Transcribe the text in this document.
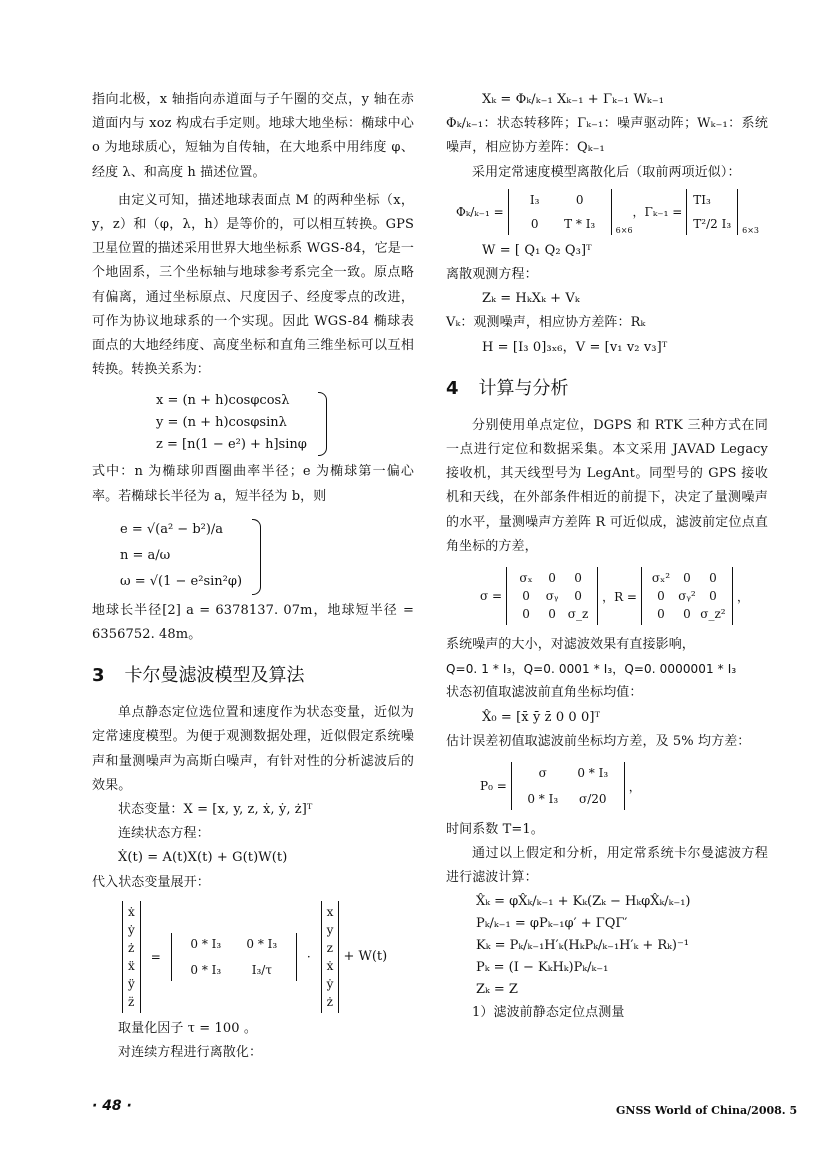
指向北极，x 轴指向赤道面与子午圈的交点，y 轴在赤道面内与 xoz 构成右手定则。地球大地坐标：椭球中心 o 为地球质心，短轴为自传轴，在大地系中用纬度 φ、经度 λ、和高度 h 描述位置。

由定义可知，描述地球表面点 M 的两种坐标（x，y，z）和（φ，λ，h）是等价的，可以相互转换。GPS 卫星位置的描述采用世界大地坐标系 WGS-84，它是一个地固系，三个坐标轴与地球参考系完全一致。原点略有偏离，通过坐标原点、尺度因子、经度零点的改进，可作为协议地球系的一个实现。因此 WGS-84 椭球表面点的大地经纬度、高度坐标和直角三维坐标可以互相转换。转换关系为：

x = (n + h)cosφcosλ
y = (n + h)cosφsinλ
z = [n(1 − e²) + h]sinφ

式中：n 为椭球卯酉圈曲率半径；e 为椭球第一偏心率。若椭球长半径为 a，短半径为 b，则

e = √(a² − b²)/a
n = a/ω
ω = √(1 − e²sin²φ)

地球长半径[2] a = 6378137. 07m，地球短半径 = 6356752. 48m。

3 卡尔曼滤波模型及算法

单点静态定位选位置和速度作为状态变量，近似为定常速度模型。为便于观测数据处理，近似假定系统噪声和量测噪声为高斯白噪声，有针对性的分析滤波后的效果。

状态变量：X = [x, y, z, ẋ, ẏ, ż]ᵀ

连续状态方程：

Ẋ(t) = A(t)X(t) + G(t)W(t)

代入状态变量展开：

ẋ
ẏ
ż
ẍ
ÿ
z̈
=
0 * I₃ 0 * I₃
0 * I₃	I₃/τ
·
x
y
z
ẋ
ẏ
ż
+ W(t)

取量化因子 τ = 100 。

对连续方程进行离散化：

Xₖ = Φₖ/ₖ₋₁ Xₖ₋₁ + Γₖ₋₁ Wₖ₋₁

Φₖ/ₖ₋₁：状态转移阵；Γₖ₋₁：噪声驱动阵；Wₖ₋₁：系统噪声，相应协方差阵：Qₖ₋₁

采用定常速度模型离散化后（取前两项近似）：

Φₖ/ₖ₋₁ =
I₃	0
0 T * I₃	6×6
，Γₖ₋₁ =
TI₃
T²/2 I₃ 6×3

W = [ Q₁ Q₂ Q₃]ᵀ

离散观测方程：

Zₖ = HₖXₖ + Vₖ

Vₖ：观测噪声，相应协方差阵：Rₖ

H = [I₃ 0]₃ₓ₆，V = [v₁ v₂ v₃]ᵀ

4 计算与分析

分别使用单点定位，DGPS 和 RTK 三种方式在同一点进行定位和数据采集。本文采用 JAVAD Legacy 接收机，其天线型号为 LegAnt。同型号的 GPS 接收机和天线，在外部条件相近的前提下，决定了量测噪声的水平，量测噪声方差阵 R 可近似成，滤波前定位点直角坐标的方差，

σ =
σₓ 0 0
0 σᵧ 0
0 0 σ_z
，R =
σₓ² 0 0
0 σᵧ² 0
0 0 σ_z²
，

系统噪声的大小，对滤波效果有直接影响，

Q=0. 1 * I₃，Q=0. 0001 * I₃，Q=0. 0000001 * I₃

状态初值取滤波前直角坐标均值：

X̂₀ = [x̄ ȳ z̄ 0 0 0]ᵀ

估计误差初值取滤波前坐标均方差，及 5% 均方差：

P₀ =
σ	0 * I₃
0 * I₃ σ/20
，

时间系数 T=1。

通过以上假定和分析，用定常系统卡尔曼滤波方程进行滤波计算：

X̂ₖ = φX̂ₖ/ₖ₋₁ + Kₖ(Zₖ − HₖφX̂ₖ/ₖ₋₁)
Pₖ/ₖ₋₁ = φPₖ₋₁φ′ + ΓQΓ′
Kₖ = Pₖ/ₖ₋₁H′ₖ(HₖPₖ/ₖ₋₁H′ₖ + Rₖ)⁻¹
Pₖ = (I − KₖHₖ)Pₖ/ₖ₋₁
Zₖ = Z

1）滤波前静态定位点测量

· 48 ·	GNSS World of China/2008. 5
